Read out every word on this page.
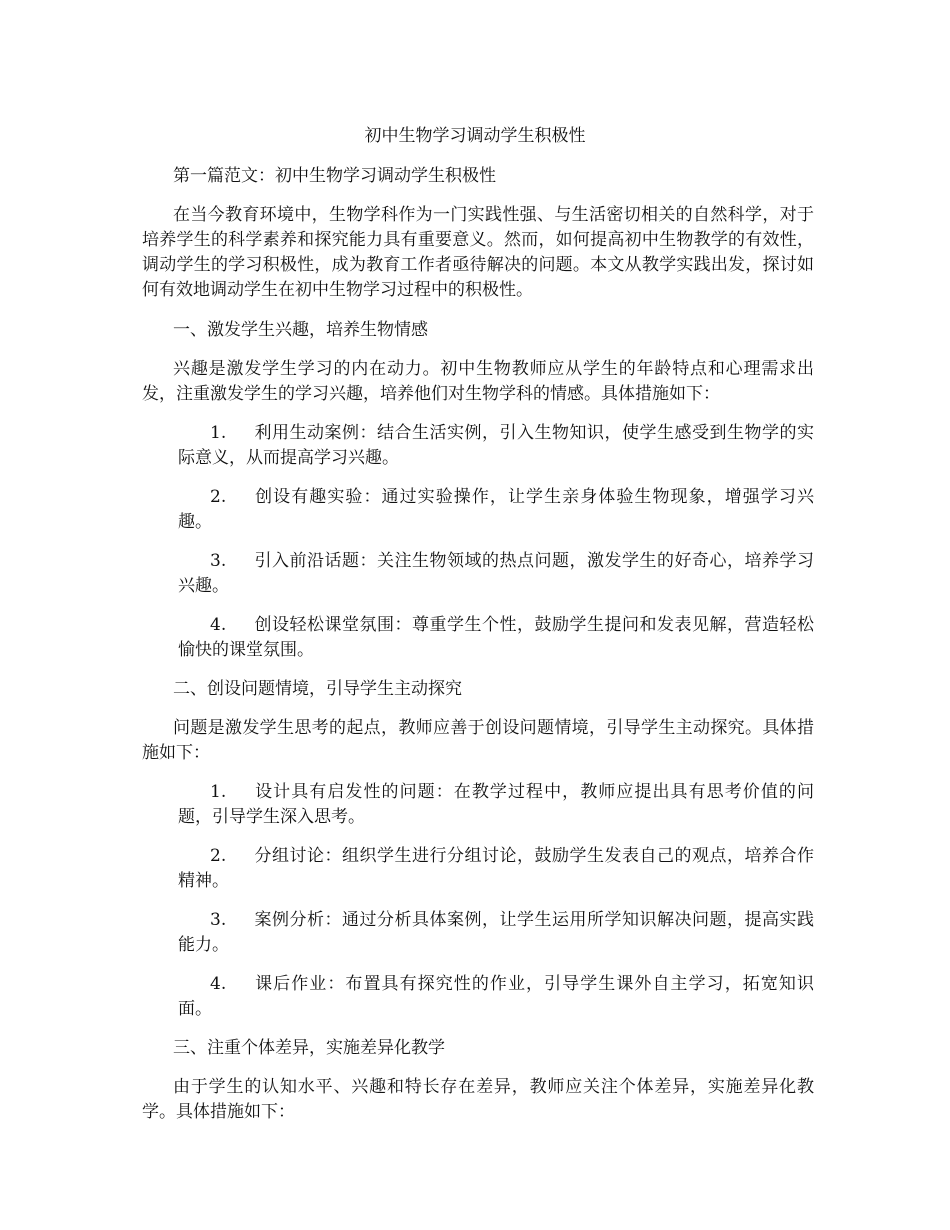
初中生物学习调动学生积极性

第一篇范文：初中生物学习调动学生积极性

在当今教育环境中，生物学科作为一门实践性强、与生活密切相关的自然科学，对于培养学生的科学素养和探究能力具有重要意义。然而，如何提高初中生物教学的有效性，调动学生的学习积极性，成为教育工作者亟待解决的问题。本文从教学实践出发，探讨如何有效地调动学生在初中生物学习过程中的积极性。

一、激发学生兴趣，培养生物情感

兴趣是激发学生学习的内在动力。初中生物教师应从学生的年龄特点和心理需求出发，注重激发学生的学习兴趣，培养他们对生物学科的情感。具体措施如下：

1. 利用生动案例：结合生活实例，引入生物知识，使学生感受到生物学的实际意义，从而提高学习兴趣。

2. 创设有趣实验：通过实验操作，让学生亲身体验生物现象，增强学习兴趣。

3. 引入前沿话题：关注生物领域的热点问题，激发学生的好奇心，培养学习兴趣。

4. 创设轻松课堂氛围：尊重学生个性，鼓励学生提问和发表见解，营造轻松愉快的课堂氛围。

二、创设问题情境，引导学生主动探究

问题是激发学生思考的起点，教师应善于创设问题情境，引导学生主动探究。具体措施如下：

1. 设计具有启发性的问题：在教学过程中，教师应提出具有思考价值的问题，引导学生深入思考。

2. 分组讨论：组织学生进行分组讨论，鼓励学生发表自己的观点，培养合作精神。

3. 案例分析：通过分析具体案例，让学生运用所学知识解决问题，提高实践能力。

4. 课后作业：布置具有探究性的作业，引导学生课外自主学习，拓宽知识面。

三、注重个体差异，实施差异化教学

由于学生的认知水平、兴趣和特长存在差异，教师应关注个体差异，实施差异化教学。具体措施如下：
